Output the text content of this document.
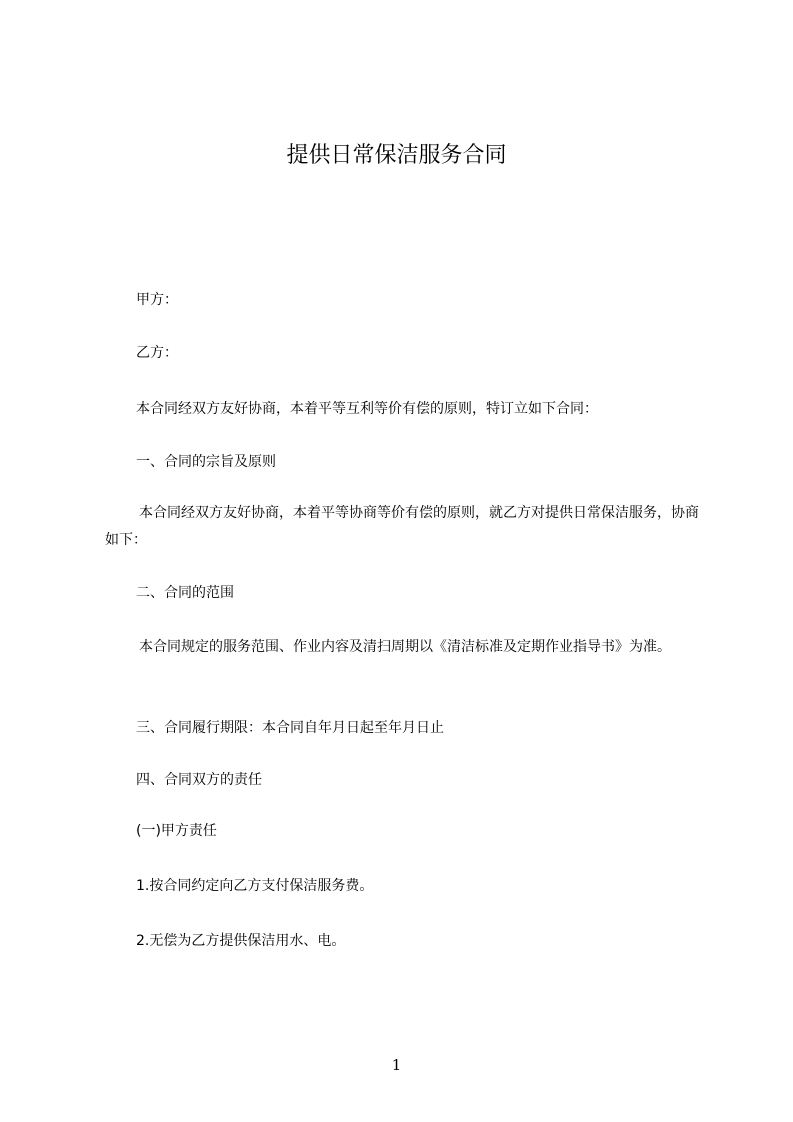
提供日常保洁服务合同

甲方：

乙方：

本合同经双方友好协商，本着平等互利等价有偿的原则，特订立如下合同：

一、合同的宗旨及原则

本合同经双方友好协商，本着平等协商等价有偿的原则，就乙方对提供日常保洁服务，协商如下：

二、合同的范围

本合同规定的服务范围、作业内容及清扫周期以《清洁标准及定期作业指导书》为准。

三、合同履行期限：本合同自年月日起至年月日止

四、合同双方的责任

(一)甲方责任

1.按合同约定向乙方支付保洁服务费。

2.无偿为乙方提供保洁用水、电。

1
